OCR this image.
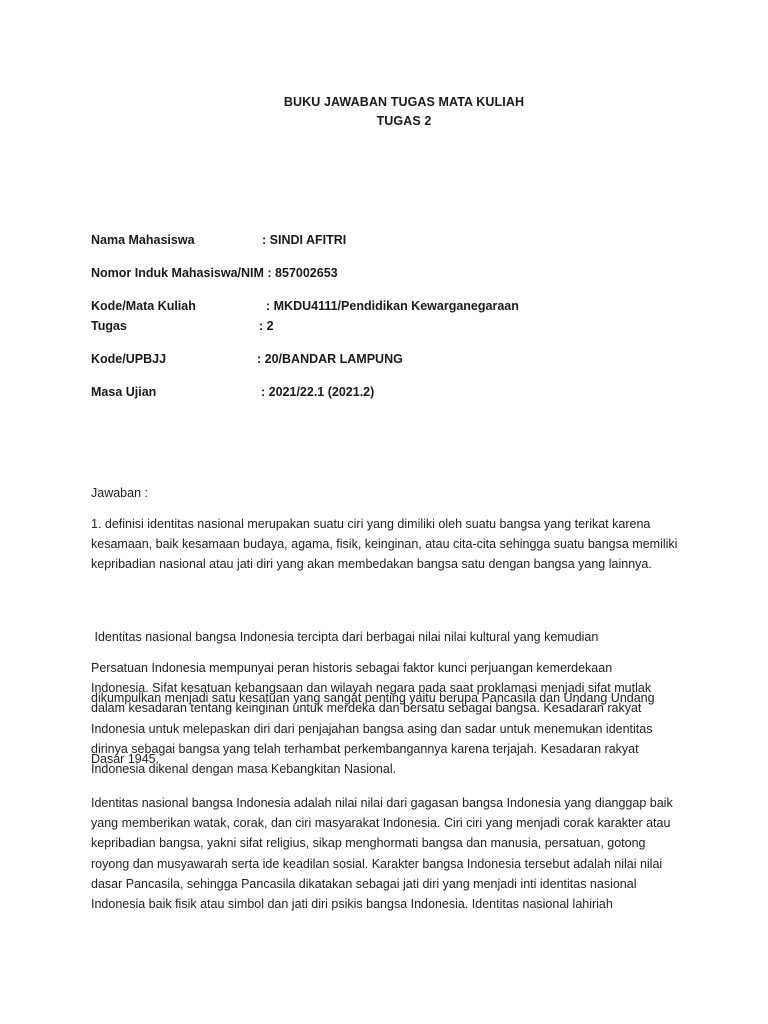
BUKU JAWABAN TUGAS MATA KULIAH
TUGAS 2
Nama Mahasiswa	: SINDI AFITRI
Nomor Induk Mahasiswa/NIM : 857002653
Kode/Mata Kuliah	: MKDU4111/Pendidikan Kewarganegaraan
Tugas	: 2
Kode/UPBJJ	: 20/BANDAR LAMPUNG
Masa Ujian	: 2021/22.1 (2021.2)
Jawaban :

1. definisi identitas nasional merupakan suatu ciri yang dimiliki oleh suatu bangsa yang terikat karena

kesamaan, baik kesamaan budaya, agama, fisik, keinginan, atau cita-cita sehingga suatu bangsa memiliki

kepribadian nasional atau jati diri yang akan membedakan bangsa satu dengan bangsa yang lainnya.

Identitas nasional bangsa Indonesia tercipta dari berbagai nilai nilai kultural yang kemudian

dikumpulkan menjadi satu kesatuan yang sangat penting yaitu berupa Pancasila dan Undang Undang

Dasar 1945.

Persatuan Indonesia mempunyai peran historis sebagai faktor kunci perjuangan kemerdekaan

Indonesia. Sifat kesatuan kebangsaan dan wilayah negara pada saat proklamasi menjadi sifat mutlak

dalam kesadaran tentang keinginan untuk merdeka dan bersatu sebagai bangsa. Kesadaran rakyat

Indonesia untuk melepaskan diri dari penjajahan bangsa asing dan sadar untuk menemukan identitas

dirinya sebagai bangsa yang telah terhambat perkembangannya karena terjajah. Kesadaran rakyat

Indonesia dikenal dengan masa Kebangkitan Nasional.

Identitas nasional bangsa Indonesia adalah nilai nilai dari gagasan bangsa Indonesia yang dianggap baik

yang memberikan watak, corak, dan ciri masyarakat Indonesia. Ciri ciri yang menjadi corak karakter atau

kepribadian bangsa, yakni sifat religius, sikap menghormati bangsa dan manusia, persatuan, gotong

royong dan musyawarah serta ide keadilan sosial. Karakter bangsa Indonesia tersebut adalah nilai nilai

dasar Pancasila, sehingga Pancasila dikatakan sebagai jati diri yang menjadi inti identitas nasional

Indonesia baik fisik atau simbol dan jati diri psikis bangsa Indonesia. Identitas nasional lahiriah
